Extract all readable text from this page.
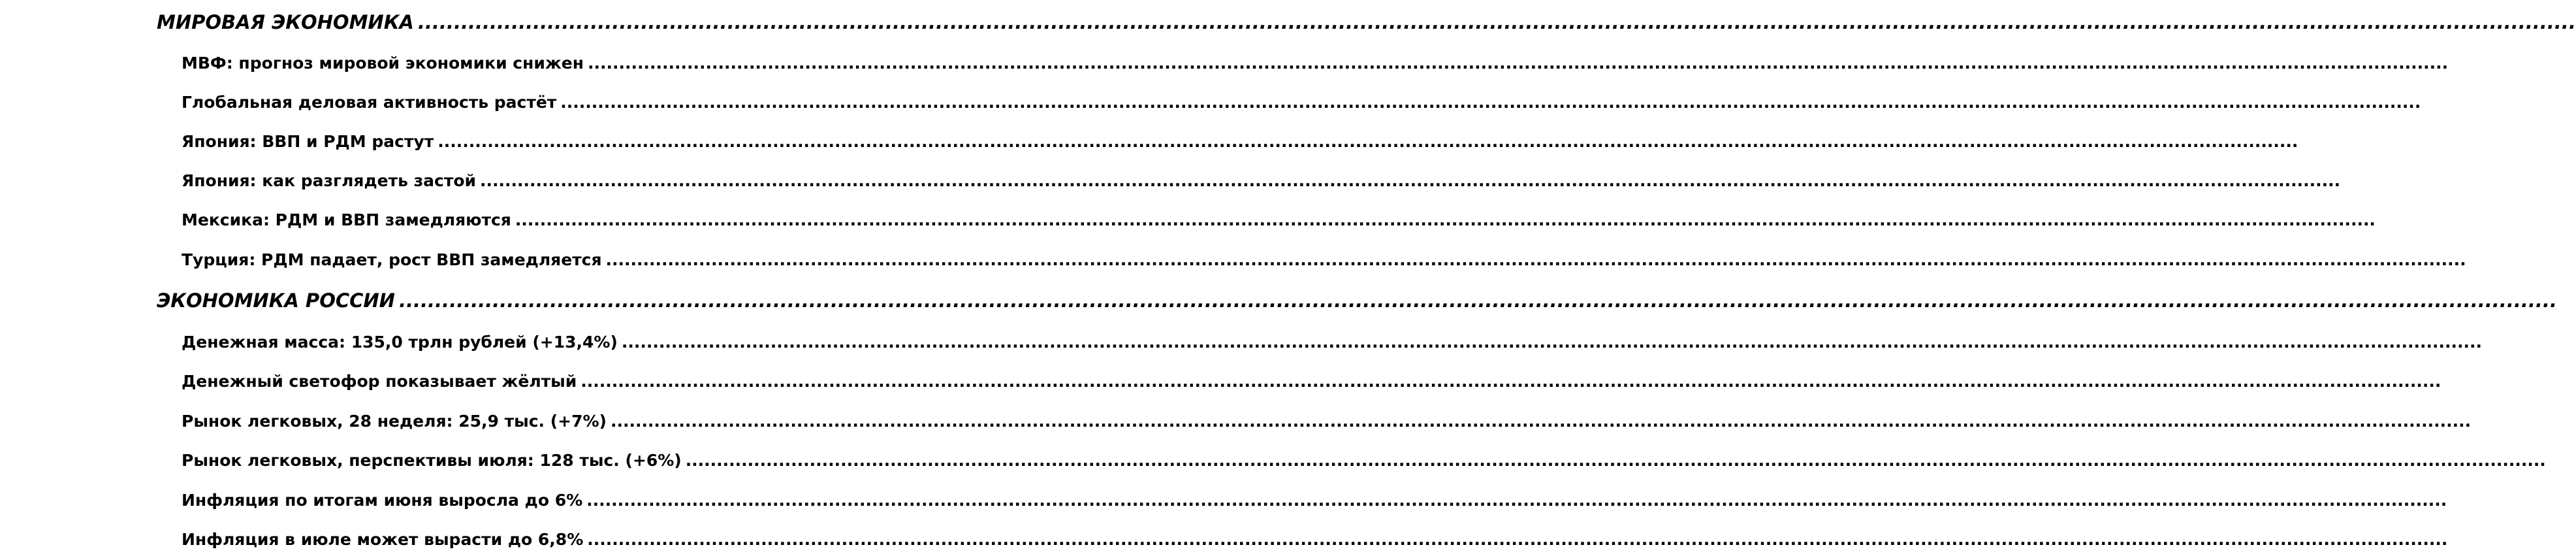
МИРОВАЯ ЭКОНОМИКА ............................................................................................................................................................................................................................................................................................................
МВФ: прогноз мировой экономики снижен ............................................................................................................................................................................................................................................................................................................
Глобальная деловая активность растёт ............................................................................................................................................................................................................................................................................................................
Япония: ВВП и РДМ растут ............................................................................................................................................................................................................................................................................................................
Япония: как разглядеть застой ............................................................................................................................................................................................................................................................................................................
Мексика: РДМ и ВВП замедляются ............................................................................................................................................................................................................................................................................................................
Турция: РДМ падает, рост ВВП замедляется ............................................................................................................................................................................................................................................................................................................
ЭКОНОМИКА РОССИИ ............................................................................................................................................................................................................................................................................................................
Денежная масса: 135,0 трлн рублей (+13,4%) ............................................................................................................................................................................................................................................................................................................
Денежный светофор показывает жёлтый ............................................................................................................................................................................................................................................................................................................
Рынок легковых, 28 неделя: 25,9 тыс. (+7%) ............................................................................................................................................................................................................................................................................................................
Рынок легковых, перспективы июля: 128 тыс. (+6%) ............................................................................................................................................................................................................................................................................................................
Инфляция по итогам июня выросла до 6% ............................................................................................................................................................................................................................................................................................................
Инфляция в июле может вырасти до 6,8% ............................................................................................................................................................................................................................................................................................................
